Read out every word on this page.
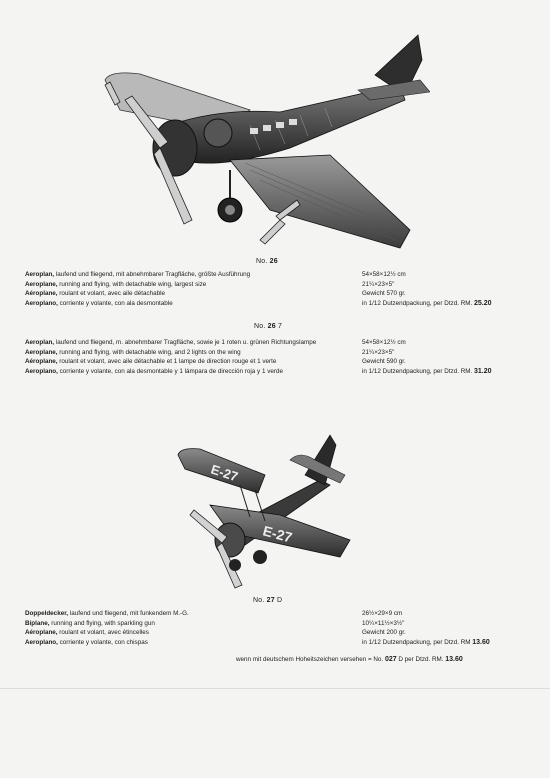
No. 26
Aeroplan, laufend und fliegend, mit abnehmbarer Tragfläche, größte Ausführung	54×58×12½ cm
Aeroplane, running and flying, with detachable wing, largest size	21¼×23×5"
Aéroplane, roulant et volant, avec aile détachable	Gewicht 570 gr.
Aeroplano, corriente y volante, con ala desmontable	in 1/12 Dutzendpackung, per Dtzd. RM. 25.20
No. 26 7
Aeroplan, laufend und fliegend, m. abnehmbarer Tragfläche, sowie je 1 roten u. grünen Richtungslampe	54×58×12½ cm
Aeroplane, running and flying, with detachable wing, and 2 lights on the wing	21¼×23×5"
Aéroplane, roulant et volant, avec aile détachable et 1 lampe de direction rouge et 1 verte	Gewicht 590 gr.
Aeroplano, corriente y volante, con ala desmontable y 1 lámpara de dirección roja y 1 verde	in 1/12 Dutzendpackung, per Dtzd. RM. 31.20
E-27
E-27
No. 27 D
Doppeldecker, laufend und fliegend, mit funkendem M.-G.	26½×29×9 cm
Biplane, running and flying, with sparkling gun	10¼×11½×3½"
Aéroplane, roulant et volant, avec étincelles	Gewicht 200 gr.
Aeroplano, corriente y volante, con chispas	in 1/12 Dutzendpackung, per Dtzd. RM 13.60
wenn mit deutschem Hoheitszeichen versehen = No. 027 D per Dtzd. RM. 13.60
